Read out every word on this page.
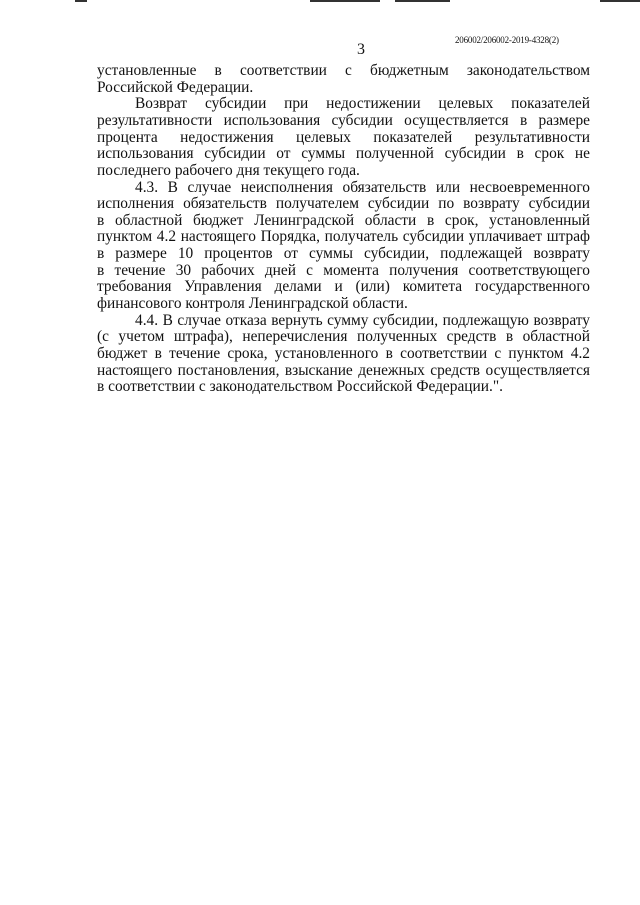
206002/206002-2019-4328(2)
3
установленные в соответствии с бюджетным законодательством
Российской Федерации.
Возврат субсидии при недостижении целевых показателей
результативности использования субсидии осуществляется в размере
процента недостижения целевых показателей результативности
использования субсидии от суммы полученной субсидии в срок не
последнего рабочего дня текущего года.
4.3. В случае неисполнения обязательств или несвоевременного
исполнения обязательств получателем субсидии по возврату субсидии
в областной бюджет Ленинградской области в срок, установленный
пунктом 4.2 настоящего Порядка, получатель субсидии уплачивает штраф
в размере 10 процентов от суммы субсидии, подлежащей возврату
в течение 30 рабочих дней с момента получения соответствующего
требования Управления делами и (или) комитета государственного
финансового контроля Ленинградской области.
4.4. В случае отказа вернуть сумму субсидии, подлежащую возврату
(с учетом штрафа), неперечисления полученных средств в областной
бюджет в течение срока, установленного в соответствии с пунктом 4.2
настоящего постановления, взыскание денежных средств осуществляется
в соответствии с законодательством Российской Федерации.".
